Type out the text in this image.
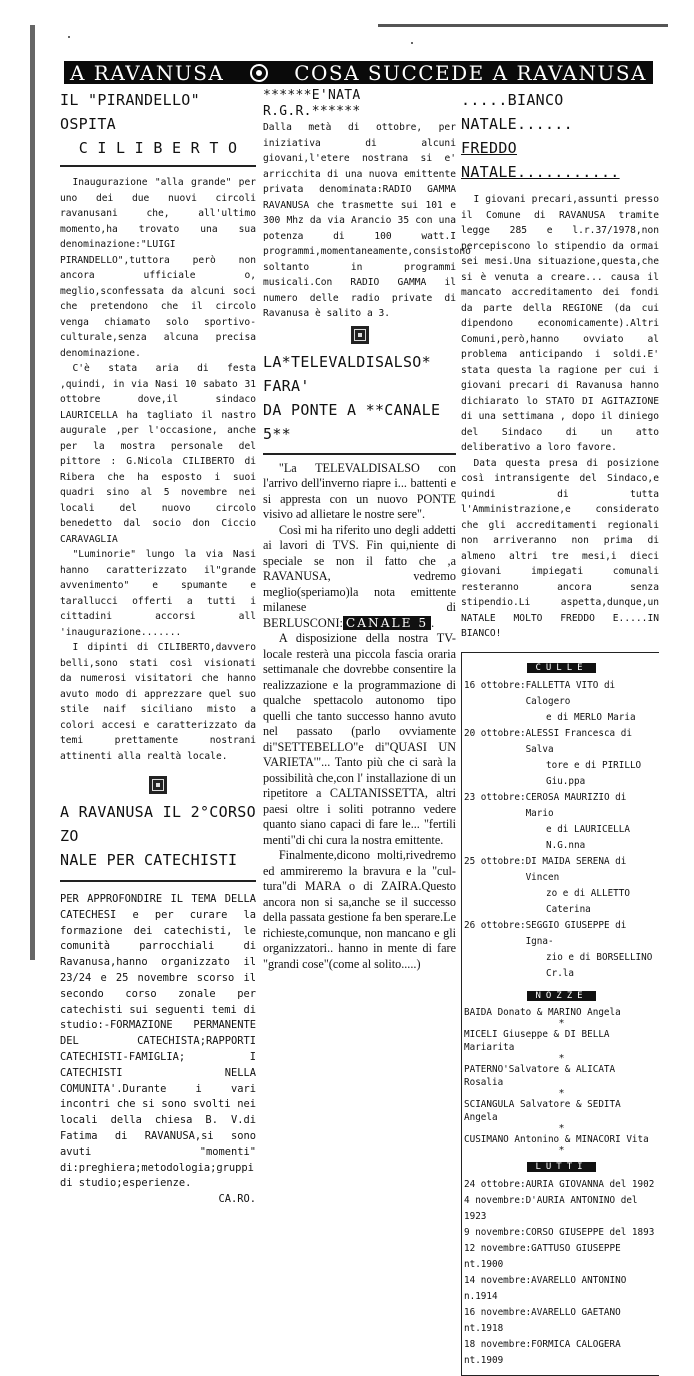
A RAVANUSA	COSA SUCCEDE A RAVANUSA
IL "PIRANDELLO" OSPITA
C I L I B E R T O

Inaugurazione "alla grande" per uno dei due nuovi circoli ravanusani che, all'ultimo momento,ha trovato una sua denominazione:"LUIGI PIRANDELLO",tuttora però non ancora ufficiale o, meglio,sconfessata da alcuni soci che pretendono che il circolo venga chiamato solo sportivo-culturale,senza alcuna precisa denominazione.

C'è stata aria di festa ,quindi, in via Nasi 10 sabato 31 ottobre dove,il sindaco LAURICELLA ha tagliato il nastro augurale ,per l'occasione, anche per la mostra personale del pittore : G.Nicola CILIBERTO di Ribera che ha esposto i suoi quadri sino al 5 novembre nei locali del nuovo circolo benedetto dal socio don Ciccio CARAVAGLIA

"Luminorie" lungo la via Nasi hanno caratterizzato il"grande avvenimento" e spumante e tarallucci offerti a tutti i cittadini accorsi all 'inaugurazione.......

I dipinti di CILIBERTO,davvero belli,sono stati così visionati da numerosi visitatori che hanno avuto modo di apprezzare quel suo stile naif siciliano misto a colori accesi e caratterizzato da temi prettamente nostrani attinenti alla realtà locale.

A RAVANUSA IL 2°CORSO ZO
NALE PER CATECHISTI

PER APPROFONDIRE IL TEMA DELLA CATECHESI e per curare la formazione dei catechisti, le comunità parrocchiali di Ravanusa,hanno organizzato il 23/24 e 25 novembre scorso il secondo corso zonale per catechisti sui seguenti temi di studio:-FORMAZIONE PERMANENTE DEL CATECHISTA;RAPPORTI CATECHISTI-FAMIGLIA; I CATECHISTI NELLA COMUNITA'.Durante i vari incontri che si sono svolti nei locali della chiesa B. V.di Fatima di RAVANUSA,si sono avuti "momenti" di:preghiera;metodologia;gruppi di studio;esperienze.

CA.RO.

******E'NATA R.G.R.******

Dalla metà di ottobre, per iniziativa di alcuni giovani,l'etere nostrana si e' arricchita di una nuova emittente privata denominata:RADIO GAMMA RAVANUSA che trasmette sui 101 e 300 Mhz da via Arancio 35 con una potenza di 100 watt.I programmi,momentaneamente,consistono soltanto in programmi musicali.Con RADIO GAMMA il numero delle radio private di Ravanusa è salito a 3.

LA*TELEVALDISALSO* FARA'
DA PONTE A **CANALE 5**

"La TELEVALDISALSO con l'arrivo dell'inverno riapre i... battenti e si appresta con un nuovo PONTE visivo ad allietare le nostre sere".

Così mi ha riferito uno degli addetti ai lavori di TVS. Fin qui,niente di speciale se non il fatto che ,a RAVANUSA, vedremo meglio(speriamo)la nota emittente milanese di BERLUSCONI: CANALE 5 .

A disposizione della nostra TV-locale resterà una piccola fascia oraria settimanale che dovrebbe consentire la realizzazione e la programmazione di qualche spettacolo autonomo tipo quelli che tanto successo hanno avuto nel passato (parlo ovviamente di"SETTEBELLO"e di"QUASI UN VARIETA'"... Tanto più che ci sarà la possibilità che,con l' installazione di un ripetitore a CALTANISSETTA, altri paesi oltre i soliti potranno vedere quanto siano capaci di fare le... "fertili menti"di chi cura la nostra emittente.

Finalmente,dicono molti,rivedremo ed ammireremo la bravura e la "cul-tura"di MARA o di ZAIRA.Questo ancora non si sa,anche se il successo della passata gestione fa ben sperare.Le richieste,comunque, non mancano e gli organizzatori.. hanno in mente di fare "grandi cose"(come al solito.....)

.....BIANCO NATALE......
FREDDO NATALE...........

I giovani precari,assunti presso il Comune di RAVANUSA tramite legge 285 e l.r.37/1978,non percepiscono lo stipendio da ormai sei mesi.Una situazione,questa,che si è venuta a creare... causa il mancato accreditamento dei fondi da parte della REGIONE (da cui dipendono economicamente).Altri Comuni,però,hanno ovviato al problema anticipando i soldi.E' stata questa la ragione per cui i giovani precari di Ravanusa hanno dichiarato lo STATO DI AGITAZIONE di una settimana , dopo il diniego del Sindaco di un atto deliberativo a loro favore.

Data questa presa di posizione così intransigente del Sindaco,e quindi di tutta l'Amministrazione,e considerato che gli accreditamenti regionali non arriveranno non prima di almeno altri tre mesi,i dieci giovani impiegati comunali resteranno ancora senza stipendio.Li aspetta,dunque,un NATALE MOLTO FREDDO E.....IN BIANCO!

CULLE
16 ottobre: FALLETTA VITO di Calogero
e di MERLO Maria
20 ottobre: ALESSI Francesca di Salva
tore e di PIRILLO Giu.ppa
23 ottobre: CEROSA MAURIZIO di Mario
e di LAURICELLA N.G.nna
25 ottobre: DI MAIDA SERENA di Vincen
zo e di ALLETTO Caterina
26 ottobre: SEGGIO GIUSEPPE di Igna-
zio e di BORSELLINO Cr.la
NOZZE
BAIDA Donato & MARINO Angela
*
MICELI Giuseppe & DI BELLA Mariarita
*
PATERNO'Salvatore & ALICATA Rosalia
*
SCIANGULA Salvatore & SEDITA Angela
*
CUSIMANO Antonino & MINACORI Vita
*
LUTTI
24 ottobre:AURIA GIOVANNA del 1902
4 novembre:D'AURIA ANTONINO del 1923
9 novembre:CORSO GIUSEPPE del 1893
12 novembre:GATTUSO GIUSEPPE nt.1900
14 novembre:AVARELLO ANTONINO n.1914
16 novembre:AVARELLO GAETANO nt.1918
18 novembre:FORMICA CALOGERA nt.1909
